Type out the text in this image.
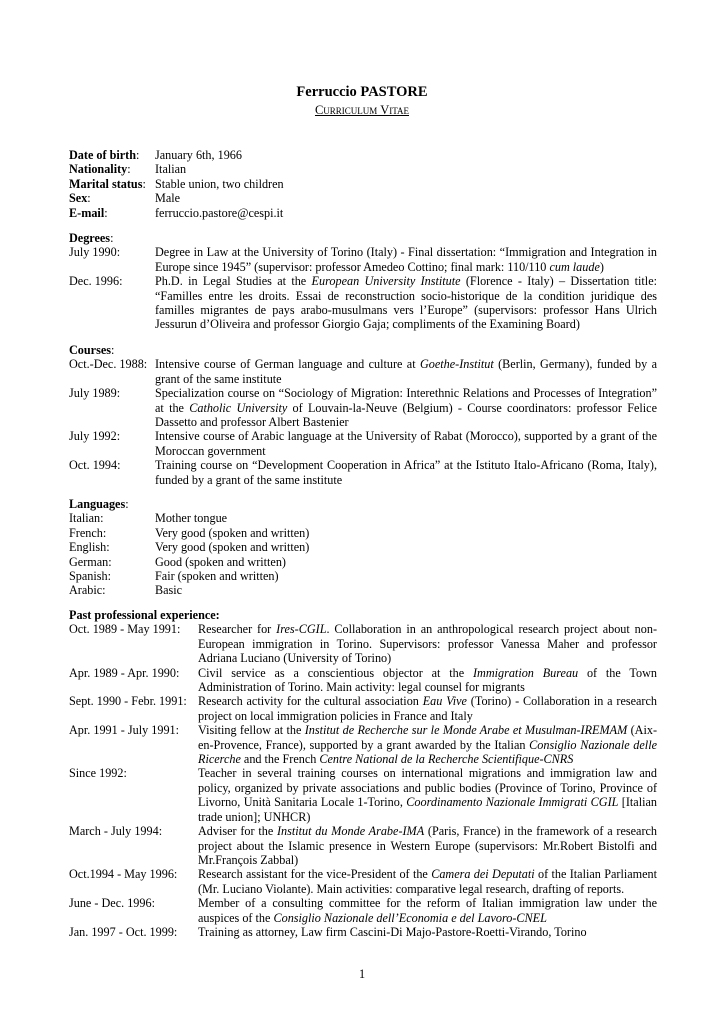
Ferruccio PASTORE
Curriculum Vitae
Date of birth:	January 6th, 1966
Nationality:	Italian
Marital status: Stable union, two children
Sex:	Male
E-mail:	ferruccio.pastore@cespi.it
Degrees:
July 1990:	Degree in Law at the University of Torino (Italy) - Final dissertation: “Immigration and Integration in Europe since 1945” (supervisor: professor Amedeo Cottino; final mark: 110/110 cum laude)
Dec. 1996:	Ph.D. in Legal Studies at the European University Institute (Florence - Italy) – Dissertation title: “Familles entre les droits. Essai de reconstruction socio-historique de la condition juridique des familles migrantes de pays arabo-musulmans vers l’Europe” (supervisors: professor Hans Ulrich Jessurun d’Oliveira and professor Giorgio Gaja; compliments of the Examining Board)
Courses:
Oct.-Dec. 1988: Intensive course of German language and culture at Goethe-Institut (Berlin, Germany), funded by a grant of the same institute
July 1989:	Specialization course on “Sociology of Migration: Interethnic Relations and Processes of Integration” at the Catholic University of Louvain-la-Neuve (Belgium) - Course coordinators: professor Felice Dassetto and professor Albert Bastenier
July 1992:	Intensive course of Arabic language at the University of Rabat (Morocco), supported by a grant of the Moroccan government
Oct. 1994:	Training course on “Development Cooperation in Africa” at the Istituto Italo-Africano (Roma, Italy), funded by a grant of the same institute
Languages:
Italian:	Mother tongue
French:	Very good (spoken and written)
English:	Very good (spoken and written)
German:	Good (spoken and written)
Spanish:	Fair (spoken and written)
Arabic:	Basic
Past professional experience:
Oct. 1989 - May 1991:	Researcher for Ires-CGIL. Collaboration in an anthropological research project about non-European immigration in Torino. Supervisors: professor Vanessa Maher and professor Adriana Luciano (University of Torino)
Apr. 1989 - Apr. 1990:	Civil service as a conscientious objector at the Immigration Bureau of the Town Administration of Torino. Main activity: legal counsel for migrants
Sept. 1990 - Febr. 1991: Research activity for the cultural association Eau Vive (Torino) - Collaboration in a research project on local immigration policies in France and Italy
Apr. 1991 - July 1991:	Visiting fellow at the Institut de Recherche sur le Monde Arabe et Musulman-IREMAM (Aix-en-Provence, France), supported by a grant awarded by the Italian Consiglio Nazionale delle Ricerche and the French Centre National de la Recherche Scientifique-CNRS
Since 1992:	Teacher in several training courses on international migrations and immigration law and policy, organized by private associations and public bodies (Province of Torino, Province of Livorno, Unità Sanitaria Locale 1-Torino, Coordinamento Nazionale Immigrati CGIL [Italian trade union]; UNHCR)
March - July 1994:	Adviser for the Institut du Monde Arabe-IMA (Paris, France) in the framework of a research project about the Islamic presence in Western Europe (supervisors: Mr.Robert Bistolfi and Mr.François Zabbal)
Oct.1994 - May 1996:	Research assistant for the vice-President of the Camera dei Deputati of the Italian Parliament (Mr. Luciano Violante). Main activities: comparative legal research, drafting of reports.
June - Dec. 1996:	Member of a consulting committee for the reform of Italian immigration law under the auspices of the Consiglio Nazionale dell’Economia e del Lavoro-CNEL
Jan. 1997 - Oct. 1999:	Training as attorney, Law firm Cascini-Di Majo-Pastore-Roetti-Virando, Torino
1
